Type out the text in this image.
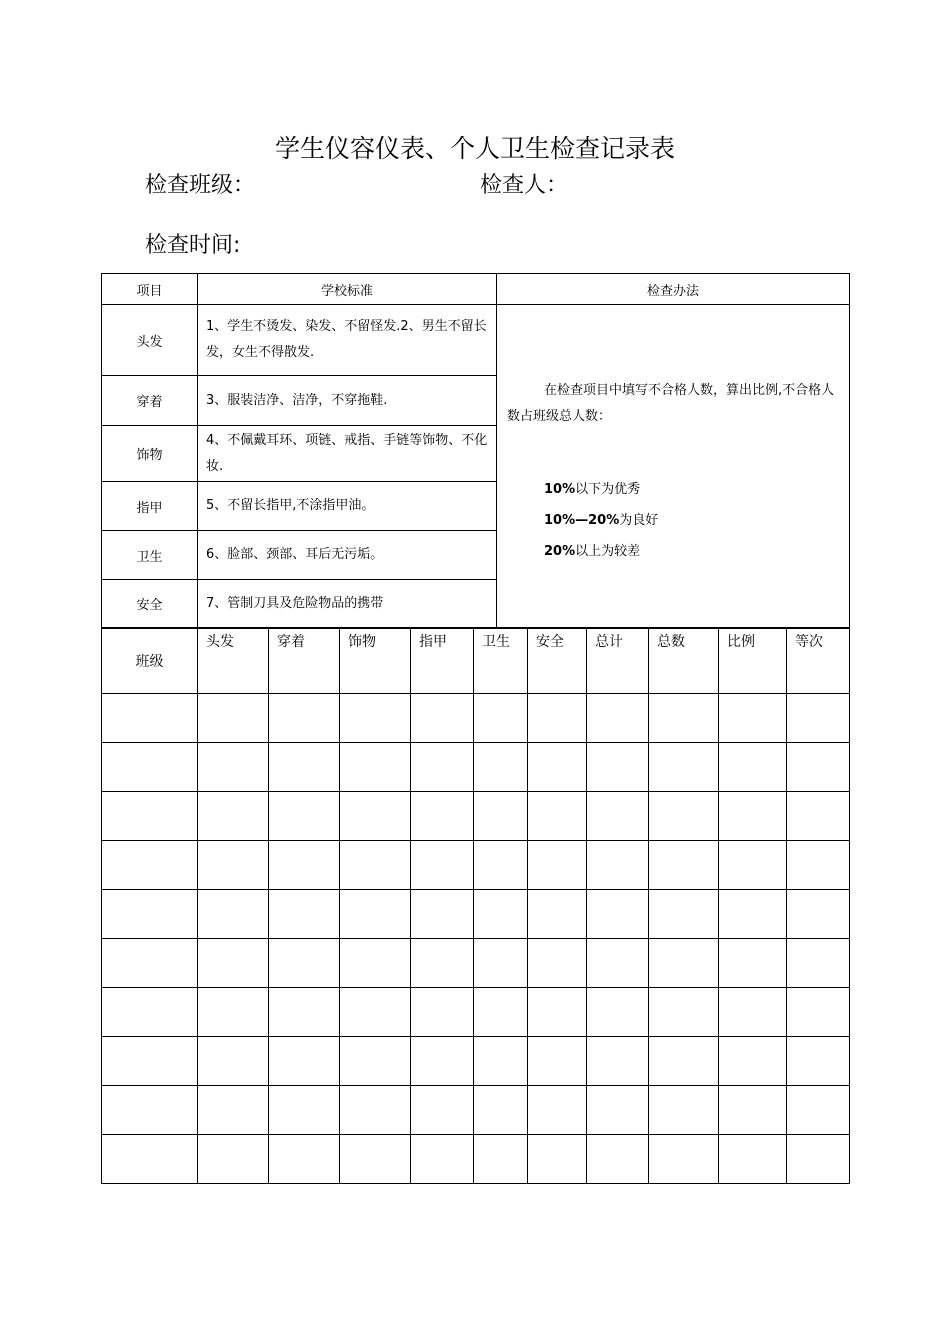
学生仪容仪表、个人卫生检查记录表
检查班级：	检查人：
检查时间:
项目	学校标准	检查办法
头发	1、学生不烫发、染发、不留怪发.2、男生不留长发，女生不得散发.	在检查项目中填写不合格人数，算出比例,不合格人数占班级总人数：

10%以下为优秀

10%—20%为良好

20%以上为较差

穿着	3、服装洁净、洁净，不穿拖鞋.	
饰物	4、不佩戴耳环、项链、戒指、手链等饰物、不化妆.	
指甲	5、不留长指甲,不涂指甲油。	
卫生	6、脸部、颈部、耳后无污垢。	
安全	7、管制刀具及危险物品的携带	
班级	头发	穿着	饰物	指甲	卫生	安全	总计	总数	比例	等次
